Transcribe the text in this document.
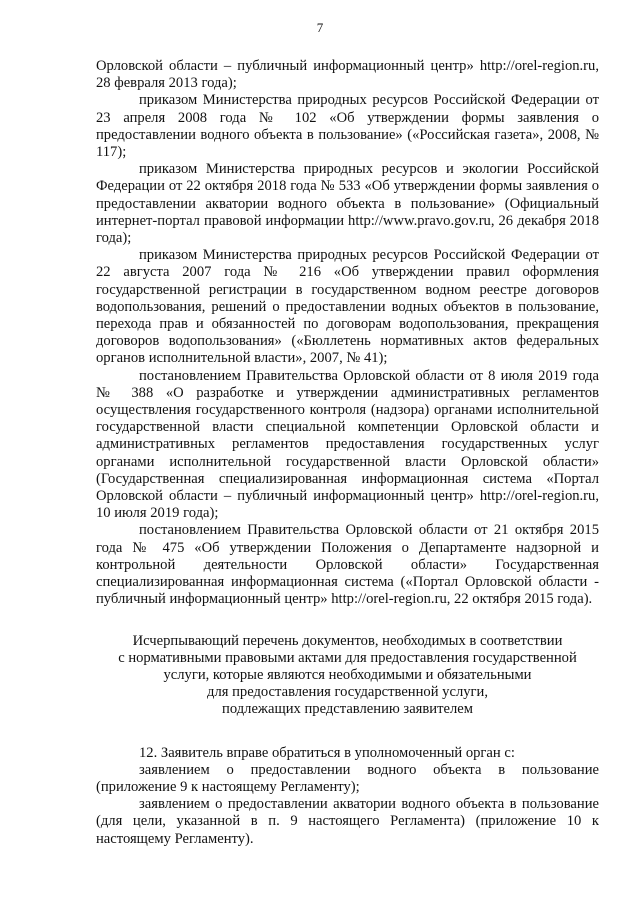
7

Орловской области – публичный информационный центр» http://orel-region.ru, 28 февраля 2013 года);

приказом Министерства природных ресурсов Российской Федерации от 23 апреля 2008 года № 102 «Об утверждении формы заявления о предоставлении водного объекта в пользование» («Российская газета», 2008, № 117);

приказом Министерства природных ресурсов и экологии Российской Федерации от 22 октября 2018 года № 533 «Об утверждении формы заявления о предоставлении акватории водного объекта в пользование» (Официальный интернет-портал правовой информации http://www.pravo.gov.ru, 26 декабря 2018 года);

приказом Министерства природных ресурсов Российской Федерации от 22 августа 2007 года № 216 «Об утверждении правил оформления государственной регистрации в государственном водном реестре договоров водопользования, решений о предоставлении водных объектов в пользование, перехода прав и обязанностей по договорам водопользования, прекращения договоров водопользования» («Бюллетень нормативных актов федеральных органов исполнительной власти», 2007, № 41);

постановлением Правительства Орловской области от 8 июля 2019 года № 388 «О разработке и утверждении административных регламентов осуществления государственного контроля (надзора) органами исполнительной государственной власти специальной компетенции Орловской области и административных регламентов предоставления государственных услуг органами исполнительной государственной власти Орловской области» (Государственная специализированная информационная система «Портал Орловской области – публичный информационный центр» http://orel-region.ru, 10 июля 2019 года);

постановлением Правительства Орловской области от 21 октября 2015 года № 475 «Об утверждении Положения о Департаменте надзорной и контрольной деятельности Орловской области» Государственная специализированная информационная система («Портал Орловской области - публичный информационный центр» http://orel-region.ru, 22 октября 2015 года).

Исчерпывающий перечень документов, необходимых в соответствии
с нормативными правовыми актами для предоставления государственной
услуги, которые являются необходимыми и обязательными
для предоставления государственной услуги,
подлежащих представлению заявителем

12. Заявитель вправе обратиться в уполномоченный орган с:

заявлением о предоставлении водного объекта в пользование (приложение 9 к настоящему Регламенту);

заявлением о предоставлении акватории водного объекта в пользование (для цели, указанной в п. 9 настоящего Регламента) (приложение 10 к настоящему Регламенту).
